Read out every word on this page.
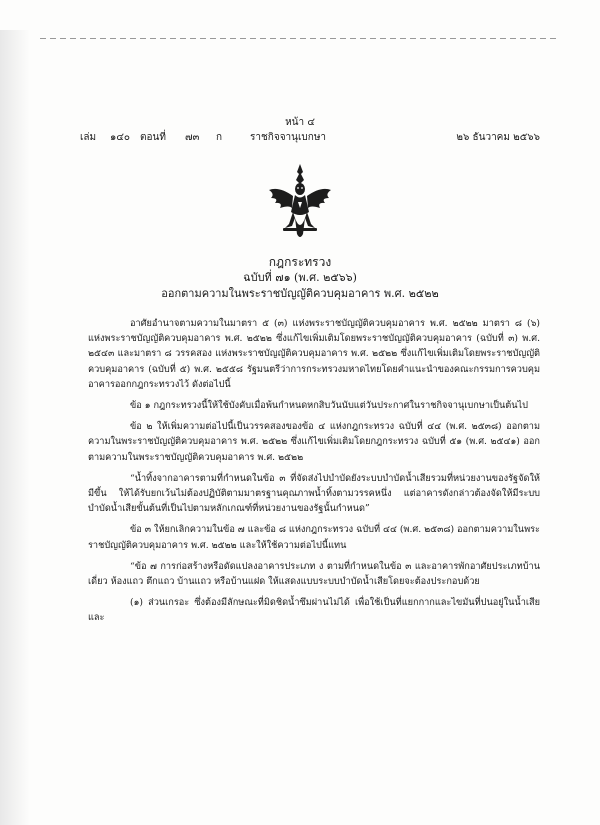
หน้า ๔
เล่ม ๑๔๐ ตอนที่ ๗๓ ก	ราชกิจจานุเบกษา	๒๖ ธันวาคม ๒๕๖๖
กฎกระทรวง
ฉบับที่ ๗๑ (พ.ศ. ๒๕๖๖)
ออกตามความในพระราชบัญญัติควบคุมอาคาร พ.ศ. ๒๕๒๒

อาศัยอำนาจตามความในมาตรา ๕ (๓) แห่งพระราชบัญญัติควบคุมอาคาร พ.ศ. ๒๕๒๒ มาตรา ๘ (๖) แห่งพระราชบัญญัติควบคุมอาคาร พ.ศ. ๒๕๒๒ ซึ่งแก้ไขเพิ่มเติมโดยพระราชบัญญัติควบคุมอาคาร (ฉบับที่ ๓) พ.ศ. ๒๕๔๓ และมาตรา ๘ วรรคสอง แห่งพระราชบัญญัติควบคุมอาคาร พ.ศ. ๒๕๒๒ ซึ่งแก้ไขเพิ่มเติมโดยพระราชบัญญัติควบคุมอาคาร (ฉบับที่ ๕) พ.ศ. ๒๕๕๘ รัฐมนตรีว่าการกระทรวงมหาดไทยโดยคำแนะนำของคณะกรรมการควบคุมอาคารออกกฎกระทรวงไว้ ดังต่อไปนี้

ข้อ ๑ กฎกระทรวงนี้ให้ใช้บังคับเมื่อพ้นกำหนดหกสิบวันนับแต่วันประกาศในราชกิจจานุเบกษาเป็นต้นไป

ข้อ ๒ ให้เพิ่มความต่อไปนี้เป็นวรรคสองของข้อ ๔ แห่งกฎกระทรวง ฉบับที่ ๔๔ (พ.ศ. ๒๕๓๘) ออกตามความในพระราชบัญญัติควบคุมอาคาร พ.ศ. ๒๕๒๒ ซึ่งแก้ไขเพิ่มเติมโดยกฎกระทรวง ฉบับที่ ๕๑ (พ.ศ. ๒๕๔๑) ออกตามความในพระราชบัญญัติควบคุมอาคาร พ.ศ. ๒๕๒๒

“น้ำทิ้งจากอาคารตามที่กำหนดในข้อ ๓ ที่จัดส่งไปบำบัดยังระบบบำบัดน้ำเสียรวมที่หน่วยงานของรัฐจัดให้มีขึ้น ให้ได้รับยกเว้นไม่ต้องปฏิบัติตามมาตรฐานคุณภาพน้ำทิ้งตามวรรคหนึ่ง แต่อาคารดังกล่าวต้องจัดให้มีระบบบำบัดน้ำเสียขั้นต้นที่เป็นไปตามหลักเกณฑ์ที่หน่วยงานของรัฐนั้นกำหนด”

ข้อ ๓ ให้ยกเลิกความในข้อ ๗ และข้อ ๘ แห่งกฎกระทรวง ฉบับที่ ๔๔ (พ.ศ. ๒๕๓๘) ออกตามความในพระราชบัญญัติควบคุมอาคาร พ.ศ. ๒๕๒๒ และให้ใช้ความต่อไปนี้แทน

“ข้อ ๗ การก่อสร้างหรือดัดแปลงอาคารประเภท ง ตามที่กำหนดในข้อ ๓ และอาคารพักอาศัยประเภทบ้านเดี่ยว ห้องแถว ตึกแถว บ้านแถว หรือบ้านแฝด ให้แสดงแบบระบบบำบัดน้ำเสียโดยจะต้องประกอบด้วย

(๑) ส่วนเกรอะ ซึ่งต้องมีลักษณะที่มิดชิดน้ำซึมผ่านไม่ได้ เพื่อใช้เป็นที่แยกกากและไขมันที่ปนอยู่ในน้ำเสีย และ
